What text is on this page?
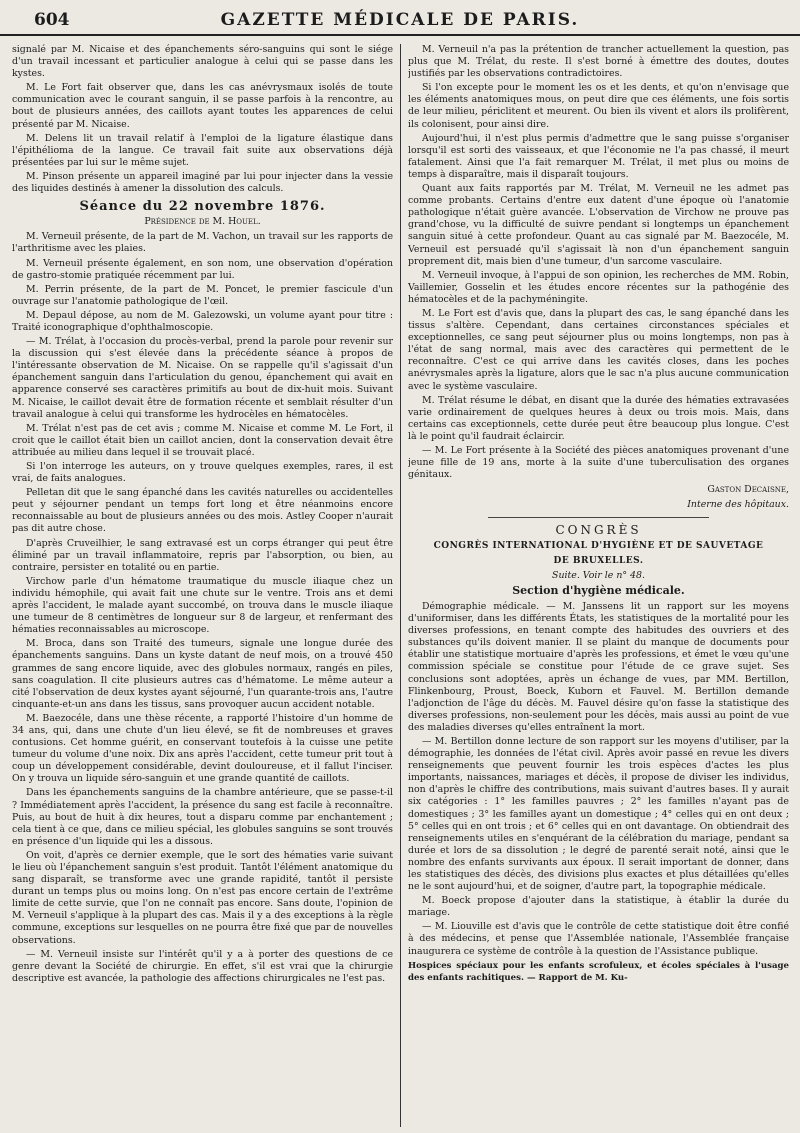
604	GAZETTE MÉDICALE DE PARIS.

signalé par M. Nicaise et des épanchements séro-sanguins qui sont le siége d'un travail incessant et particulier analogue à celui qui se passe dans les kystes.

M. Le Fort fait observer que, dans les cas anévrysmaux isolés de toute communication avec le courant sanguin, il se passe parfois à la rencontre, au bout de plusieurs années, des caillots ayant toutes les apparences de celui présenté par M. Nicaise.

M. Delens lit un travail relatif à l'emploi de la ligature élastique dans l'épithélioma de la langue. Ce travail fait suite aux observations déjà présentées par lui sur le même sujet.

M. Pinson présente un appareil imaginé par lui pour injecter dans la vessie des liquides destinés à amener la dissolution des calculs.

Séance du 22 novembre 1876.

Présidence de M. Houel.

M. Verneuil présente, de la part de M. Vachon, un travail sur les rapports de l'arthritisme avec les plaies.

M. Verneuil présente également, en son nom, une observation d'opération de gastro-stomie pratiquée récemment par lui.

M. Perrin présente, de la part de M. Poncet, le premier fascicule d'un ouvrage sur l'anatomie pathologique de l'œil.

M. Depaul dépose, au nom de M. Galezowski, un volume ayant pour titre : Traité iconographique d'ophthalmoscopie.

— M. Trélat, à l'occasion du procès-verbal, prend la parole pour revenir sur la discussion qui s'est élevée dans la précédente séance à propos de l'intéressante observation de M. Nicaise. On se rappelle qu'il s'agissait d'un épanchement sanguin dans l'articulation du genou, épanchement qui avait en apparence conservé ses caractères primitifs au bout de dix-huit mois. Suivant M. Nicaise, le caillot devait être de formation récente et semblait résulter d'un travail analogue à celui qui transforme les hydrocèles en hématocèles.

M. Trélat n'est pas de cet avis ; comme M. Nicaise et comme M. Le Fort, il croit que le caillot était bien un caillot ancien, dont la conservation devait être attribuée au milieu dans lequel il se trouvait placé.

Si l'on interroge les auteurs, on y trouve quelques exemples, rares, il est vrai, de faits analogues.

Pelletan dit que le sang épanché dans les cavités naturelles ou accidentelles peut y séjourner pendant un temps fort long et être néanmoins encore reconnaissable au bout de plusieurs années ou des mois. Astley Cooper n'aurait pas dit autre chose.

D'après Cruveilhier, le sang extravasé est un corps étranger qui peut être éliminé par un travail inflammatoire, repris par l'absorption, ou bien, au contraire, persister en totalité ou en partie.

Virchow parle d'un hématome traumatique du muscle iliaque chez un individu hémophile, qui avait fait une chute sur le ventre. Trois ans et demi après l'accident, le malade ayant succombé, on trouva dans le muscle iliaque une tumeur de 8 centimètres de longueur sur 8 de largeur, et renfermant des hématies reconnaissables au microscope.

M. Broca, dans son Traité des tumeurs, signale une longue durée des épanchements sanguins. Dans un kyste datant de neuf mois, on a trouvé 450 grammes de sang encore liquide, avec des globules normaux, rangés en piles, sans coagulation. Il cite plusieurs autres cas d'hématome. Le même auteur a cité l'observation de deux kystes ayant séjourné, l'un quarante-trois ans, l'autre cinquante-et-un ans dans les tissus, sans provoquer aucun accident notable.

M. Baezocéle, dans une thèse récente, a rapporté l'histoire d'un homme de 34 ans, qui, dans une chute d'un lieu élevé, se fit de nombreuses et graves contusions. Cet homme guérit, en conservant toutefois à la cuisse une petite tumeur du volume d'une noix. Dix ans après l'accident, cette tumeur prit tout à coup un développement considérable, devint douloureuse, et il fallut l'inciser. On y trouva un liquide séro-sanguin et une grande quantité de caillots.

Dans les épanchements sanguins de la chambre antérieure, que se passe-t-il ? Immédiatement après l'accident, la présence du sang est facile à reconnaître. Puis, au bout de huit à dix heures, tout a disparu comme par enchantement ; cela tient à ce que, dans ce milieu spécial, les globules sanguins se sont trouvés en présence d'un liquide qui les a dissous.

On voit, d'après ce dernier exemple, que le sort des hématies varie suivant le lieu où l'épanchement sanguin s'est produit. Tantôt l'élément anatomique du sang disparaît, se transforme avec une grande rapidité, tantôt il persiste durant un temps plus ou moins long. On n'est pas encore certain de l'extrême limite de cette survie, que l'on ne connaît pas encore. Sans doute, l'opinion de M. Verneuil s'applique à la plupart des cas. Mais il y a des exceptions à la règle commune, exceptions sur lesquelles on ne pourra être fixé que par de nouvelles observations.

— M. Verneuil insiste sur l'intérêt qu'il y a à porter des questions de ce genre devant la Société de chirurgie. En effet, s'il est vrai que la chirurgie descriptive est avancée, la pathologie des affections chirurgicales ne l'est pas.

M. Verneuil n'a pas la prétention de trancher actuellement la question, pas plus que M. Trélat, du reste. Il s'est borné à émettre des doutes, doutes justifiés par les observations contradictoires.

Si l'on excepte pour le moment les os et les dents, et qu'on n'envisage que les éléments anatomiques mous, on peut dire que ces éléments, une fois sortis de leur milieu, périclitent et meurent. Ou bien ils vivent et alors ils prolifèrent, ils colonisent, pour ainsi dire.

Aujourd'hui, il n'est plus permis d'admettre que le sang puisse s'organiser lorsqu'il est sorti des vaisseaux, et que l'économie ne l'a pas chassé, il meurt fatalement. Ainsi que l'a fait remarquer M. Trélat, il met plus ou moins de temps à disparaître, mais il disparaît toujours.

Quant aux faits rapportés par M. Trélat, M. Verneuil ne les admet pas comme probants. Certains d'entre eux datent d'une époque où l'anatomie pathologique n'était guère avancée. L'observation de Virchow ne prouve pas grand'chose, vu la difficulté de suivre pendant si longtemps un épanchement sanguin situé à cette profondeur. Quant au cas signalé par M. Baezocéle, M. Verneuil est persuadé qu'il s'agissait là non d'un épanchement sanguin proprement dit, mais bien d'une tumeur, d'un sarcome vasculaire.

M. Verneuil invoque, à l'appui de son opinion, les recherches de MM. Robin, Vaillemier, Gosselin et les études encore récentes sur la pathogénie des hématocèles et de la pachyméningite.

M. Le Fort est d'avis que, dans la plupart des cas, le sang épanché dans les tissus s'altère. Cependant, dans certaines circonstances spéciales et exceptionnelles, ce sang peut séjourner plus ou moins longtemps, non pas à l'état de sang normal, mais avec des caractères qui permettent de le reconnaître. C'est ce qui arrive dans les cavités closes, dans les poches anévrysmales après la ligature, alors que le sac n'a plus aucune communication avec le système vasculaire.

M. Trélat résume le débat, en disant que la durée des hématies extravasées varie ordinairement de quelques heures à deux ou trois mois. Mais, dans certains cas exceptionnels, cette durée peut être beaucoup plus longue. C'est là le point qu'il faudrait éclaircir.

— M. Le Fort présente à la Société des pièces anatomiques provenant d'une jeune fille de 19 ans, morte à la suite d'une tuberculisation des organes génitaux.

Gaston Decaisne,

Interne des hôpitaux.

CONGRÈS

CONGRÈS INTERNATIONAL D'HYGIÈNE ET DE SAUVETAGE

DE BRUXELLES.

Suite. Voir le n° 48.

Section d'hygiène médicale.

Démographie médicale. — M. Janssens lit un rapport sur les moyens d'uniformiser, dans les différents États, les statistiques de la mortalité pour les diverses professions, en tenant compte des habitudes des ouvriers et des substances qu'ils doivent manier. Il se plaint du manque de documents pour établir une statistique mortuaire d'après les professions, et émet le vœu qu'une commission spéciale se constitue pour l'étude de ce grave sujet. Ses conclusions sont adoptées, après un échange de vues, par MM. Bertillon, Flinkenbourg, Proust, Boeck, Kuborn et Fauvel. M. Bertillon demande l'adjonction de l'âge du décès. M. Fauvel désire qu'on fasse la statistique des diverses professions, non-seulement pour les décès, mais aussi au point de vue des maladies diverses qu'elles entraînent la mort.

— M. Bertillon donne lecture de son rapport sur les moyens d'utiliser, par la démographie, les données de l'état civil. Après avoir passé en revue les divers renseignements que peuvent fournir les trois espèces d'actes les plus importants, naissances, mariages et décès, il propose de diviser les individus, non d'après le chiffre des contributions, mais suivant d'autres bases. Il y aurait six catégories : 1° les familles pauvres ; 2° les familles n'ayant pas de domestiques ; 3° les familles ayant un domestique ; 4° celles qui en ont deux ; 5° celles qui en ont trois ; et 6° celles qui en ont davantage. On obtiendrait des renseignements utiles en s'enquérant de la célébration du mariage, pendant sa durée et lors de sa dissolution ; le degré de parenté serait noté, ainsi que le nombre des enfants survivants aux époux. Il serait important de donner, dans les statistiques des décès, des divisions plus exactes et plus détaillées qu'elles ne le sont aujourd'hui, et de soigner, d'autre part, la topographie médicale.

M. Boeck propose d'ajouter dans la statistique, à établir la durée du mariage.

— M. Liouville est d'avis que le contrôle de cette statistique doit être confié à des médecins, et pense que l'Assemblée nationale, l'Assemblée française inaugurera ce système de contrôle à la question de l'Assistance publique.

Hospices spéciaux pour les enfants scrofuleux, et écoles spéciales à l'usage des enfants rachitiques. — Rapport de M. Ku-
